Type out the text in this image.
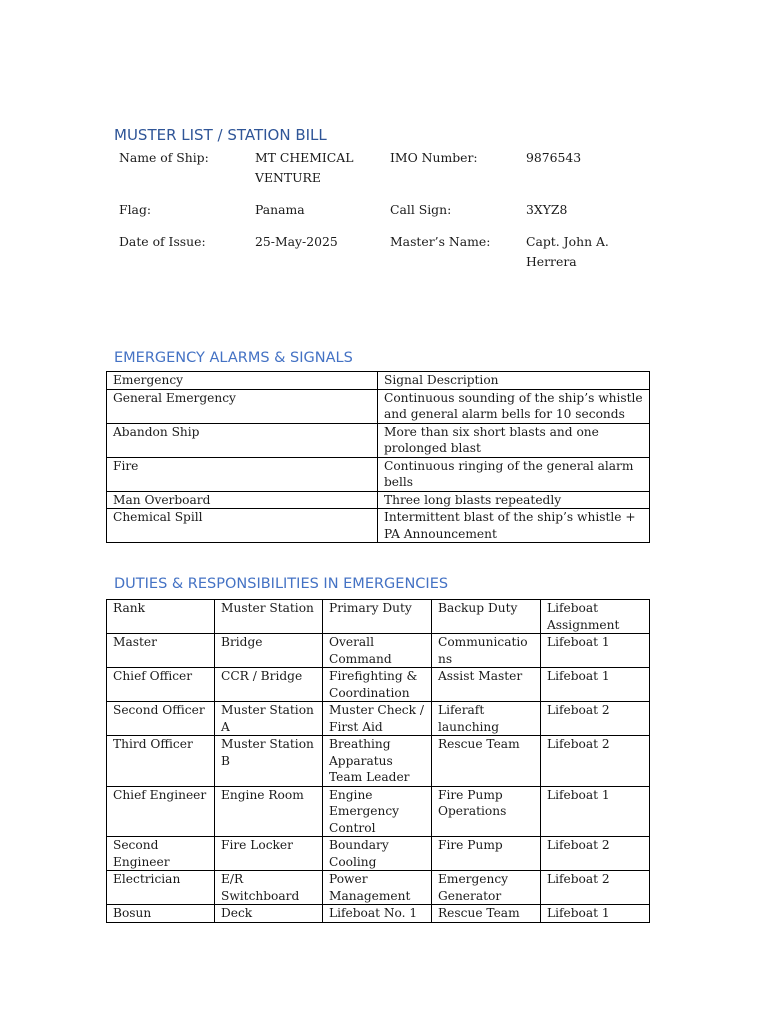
MUSTER LIST / STATION BILL
Name of Ship:	MT CHEMICAL VENTURE	IMO Number:	9876543

Flag:	Panama	Call Sign:	3XYZ8

Date of Issue:	25-May-2025	Master’s Name:	Capt. John A. Herrera
EMERGENCY ALARMS & SIGNALS
Emergency	Signal Description
General Emergency	Continuous sounding of the ship’s whistle and general alarm bells for 10 seconds
Abandon Ship	More than six short blasts and one prolonged blast
Fire	Continuous ringing of the general alarm bells
Man Overboard	Three long blasts repeatedly
Chemical Spill	Intermittent blast of the ship’s whistle + PA Announcement
DUTIES & RESPONSIBILITIES IN EMERGENCIES
Rank	Muster Station	Primary Duty	Backup Duty	Lifeboat Assignment
Master	Bridge	Overall Command	Communications	Lifeboat 1
Chief Officer	CCR / Bridge	Firefighting & Coordination	Assist Master	Lifeboat 1
Second Officer	Muster Station A	Muster Check / First Aid	Liferaft launching	Lifeboat 2
Third Officer	Muster Station B	Breathing Apparatus Team Leader	Rescue Team	Lifeboat 2
Chief Engineer	Engine Room	Engine Emergency Control	Fire Pump Operations	Lifeboat 1
Second Engineer	Fire Locker	Boundary Cooling	Fire Pump	Lifeboat 2
Electrician	E/R Switchboard	Power Management	Emergency Generator	Lifeboat 2
Bosun	Deck	Lifeboat No. 1	Rescue Team	Lifeboat 1
